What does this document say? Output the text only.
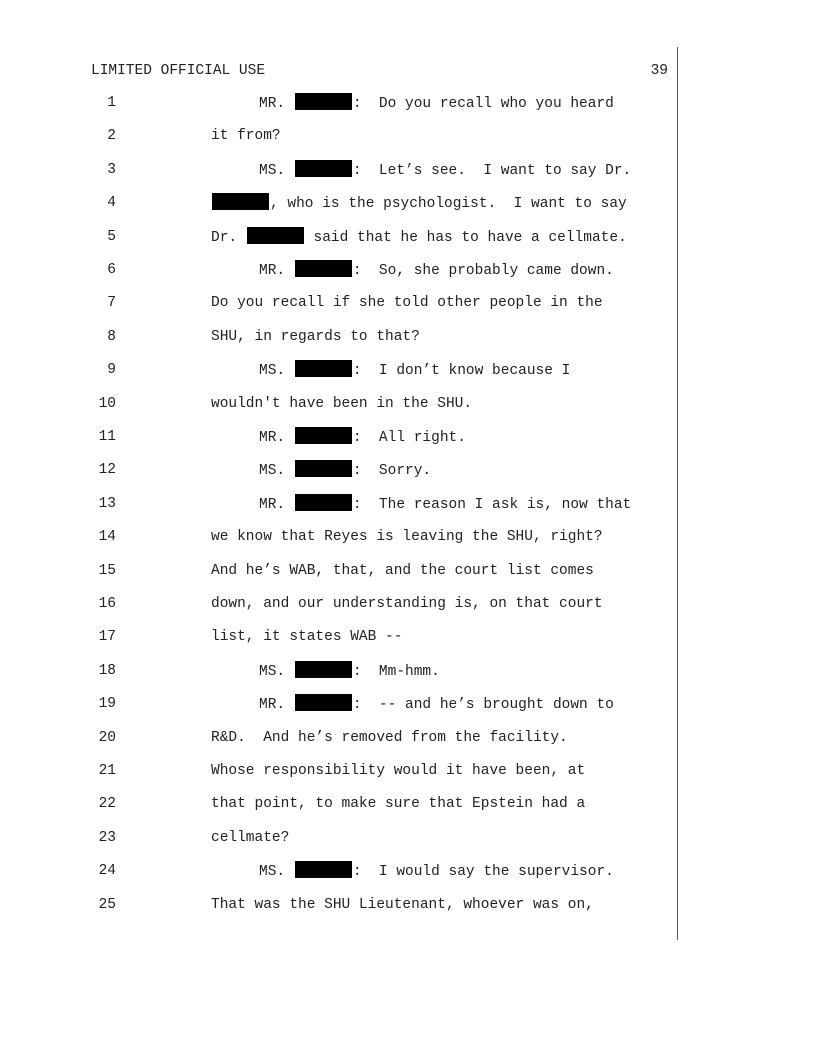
LIMITED OFFICIAL USE	39
1	MR.	:  Do you recall who you heard
2	it from?
3	MS.	:  Let’s see.  I want to say Dr.
4	, who is the psychologist.  I want to say
5	Dr.	said that he has to have a cellmate.
6	MR.	:  So, she probably came down.
7	Do you recall if she told other people in the
8	SHU, in regards to that?
9	MS.	:  I don’t know because I
10	wouldn't have been in the SHU.
11	MR.	:  All right.
12	MS.	:  Sorry.
13	MR.	:  The reason I ask is, now that
14	we know that Reyes is leaving the SHU, right?
15	And he’s WAB, that, and the court list comes
16	down, and our understanding is, on that court
17	list, it states WAB --
18	MS.	:  Mm-hmm.
19	MR.	:  -- and he’s brought down to
20	R&D.  And he’s removed from the facility.
21	Whose responsibility would it have been, at
22	that point, to make sure that Epstein had a
23	cellmate?
24	MS.	:  I would say the supervisor.
25	That was the SHU Lieutenant, whoever was on,
